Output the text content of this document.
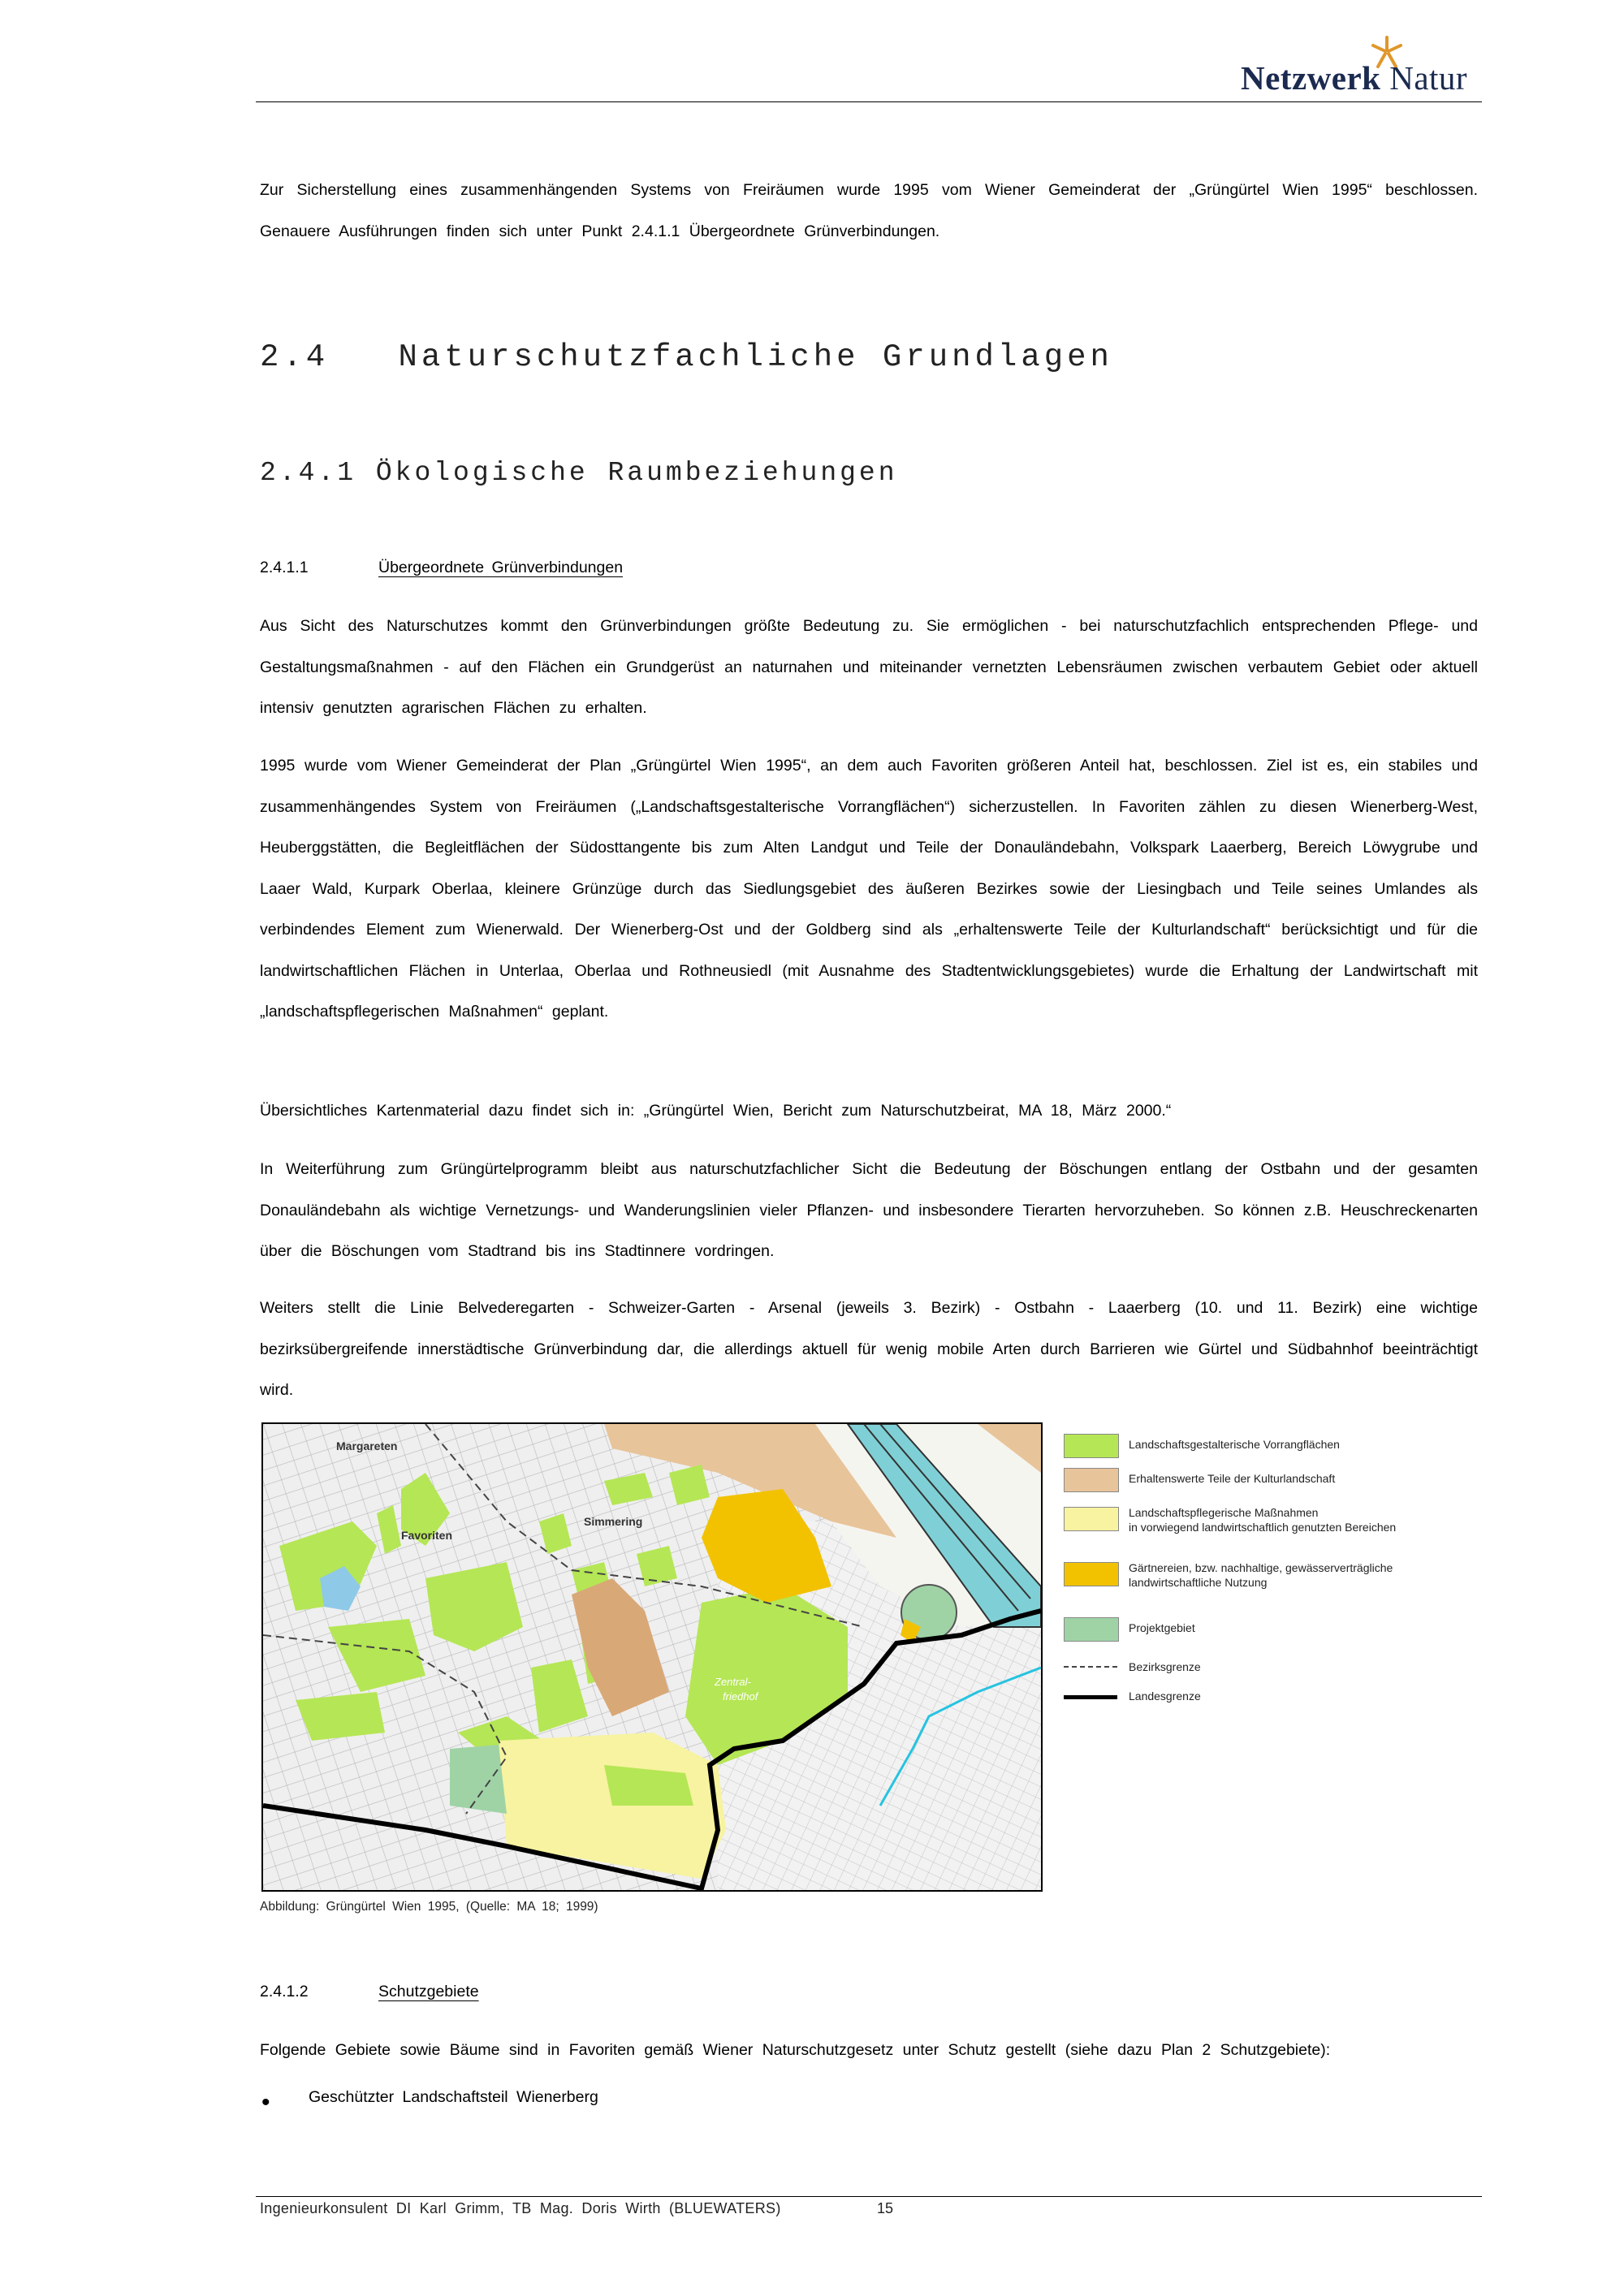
Netzwerk Natur
Zur Sicherstellung eines zusammenhängenden Systems von Freiräumen wurde 1995 vom Wiener Gemeinderat der „Grüngürtel Wien 1995“ beschlossen. Genauere Ausführungen finden sich unter Punkt 2.4.1.1 Übergeordnete Grünverbindungen.
2.4 Naturschutzfachliche Grundlagen
2.4.1 Ökologische Raumbeziehungen
2.4.1.1	Übergeordnete Grünverbindungen
Aus Sicht des Naturschutzes kommt den Grünverbindungen größte Bedeutung zu. Sie ermöglichen - bei naturschutzfachlich entsprechenden Pflege- und Gestaltungsmaßnahmen - auf den Flächen ein Grundgerüst an naturnahen und miteinander vernetzten Lebensräumen zwischen verbautem Gebiet oder aktuell intensiv genutzten agrarischen Flächen zu erhalten.
1995 wurde vom Wiener Gemeinderat der Plan „Grüngürtel Wien 1995“, an dem auch Favoriten größeren Anteil hat, beschlossen. Ziel ist es, ein stabiles und zusammenhängendes System von Freiräumen („Landschaftsgestalterische Vorrangflächen“) sicherzustellen. In Favoriten zählen zu diesen Wienerberg-West, Heuberggstätten, die Begleitflächen der Südosttangente bis zum Alten Landgut und Teile der Donauländebahn, Volkspark Laaerberg, Bereich Löwygrube und Laaer Wald, Kurpark Oberlaa, kleinere Grünzüge durch das Siedlungsgebiet des äußeren Bezirkes sowie der Liesingbach und Teile seines Umlandes als verbindendes Element zum Wienerwald. Der Wienerberg-Ost und der Goldberg sind als „erhaltenswerte Teile der Kulturlandschaft“ berücksichtigt und für die landwirtschaftlichen Flächen in Unterlaa, Oberlaa und Rothneusiedl (mit Ausnahme des Stadtentwicklungsgebietes) wurde die Erhaltung der Landwirtschaft mit „landschaftspflegerischen Maßnahmen“ geplant.
Übersichtliches Kartenmaterial dazu findet sich in: „Grüngürtel Wien, Bericht zum Naturschutzbeirat, MA 18, März 2000.“
In Weiterführung zum Grüngürtelprogramm bleibt aus naturschutzfachlicher Sicht die Bedeutung der Böschungen entlang der Ostbahn und der gesamten Donauländebahn als wichtige Vernetzungs- und Wanderungslinien vieler Pflanzen- und insbesondere Tierarten hervorzuheben. So können z.B. Heuschreckenarten über die Böschungen vom Stadtrand bis ins Stadtinnere vordringen.
Weiters stellt die Linie Belvederegarten - Schweizer-Garten - Arsenal (jeweils 3. Bezirk) - Ostbahn - Laaerberg (10. und 11. Bezirk) eine wichtige bezirksübergreifende innerstädtische Grünverbindung dar, die allerdings aktuell für wenig mobile Arten durch Barrieren wie Gürtel und Südbahnhof beeinträchtigt wird.
Margareten
Favoriten
Simmering
Zentral-
friedhof
Landschaftsgestalterische Vorrangflächen
Erhaltenswerte Teile der Kulturlandschaft
Landschaftspflegerische Maßnahmen
in vorwiegend landwirtschaftlich genutzten Bereichen
Gärtnereien, bzw. nachhaltige, gewässerverträgliche
landwirtschaftliche Nutzung
Projektgebiet
Bezirksgrenze
Landesgrenze
Abbildung: Grüngürtel Wien 1995, (Quelle: MA 18; 1999)
2.4.1.2	Schutzgebiete
Folgende Gebiete sowie Bäume sind in Favoriten gemäß Wiener Naturschutzgesetz unter Schutz gestellt (siehe dazu Plan 2 Schutzgebiete):
• Geschützter Landschaftsteil Wienerberg
Ingenieurkonsulent DI Karl Grimm, TB Mag. Doris Wirth (BLUEWATERS)	15
